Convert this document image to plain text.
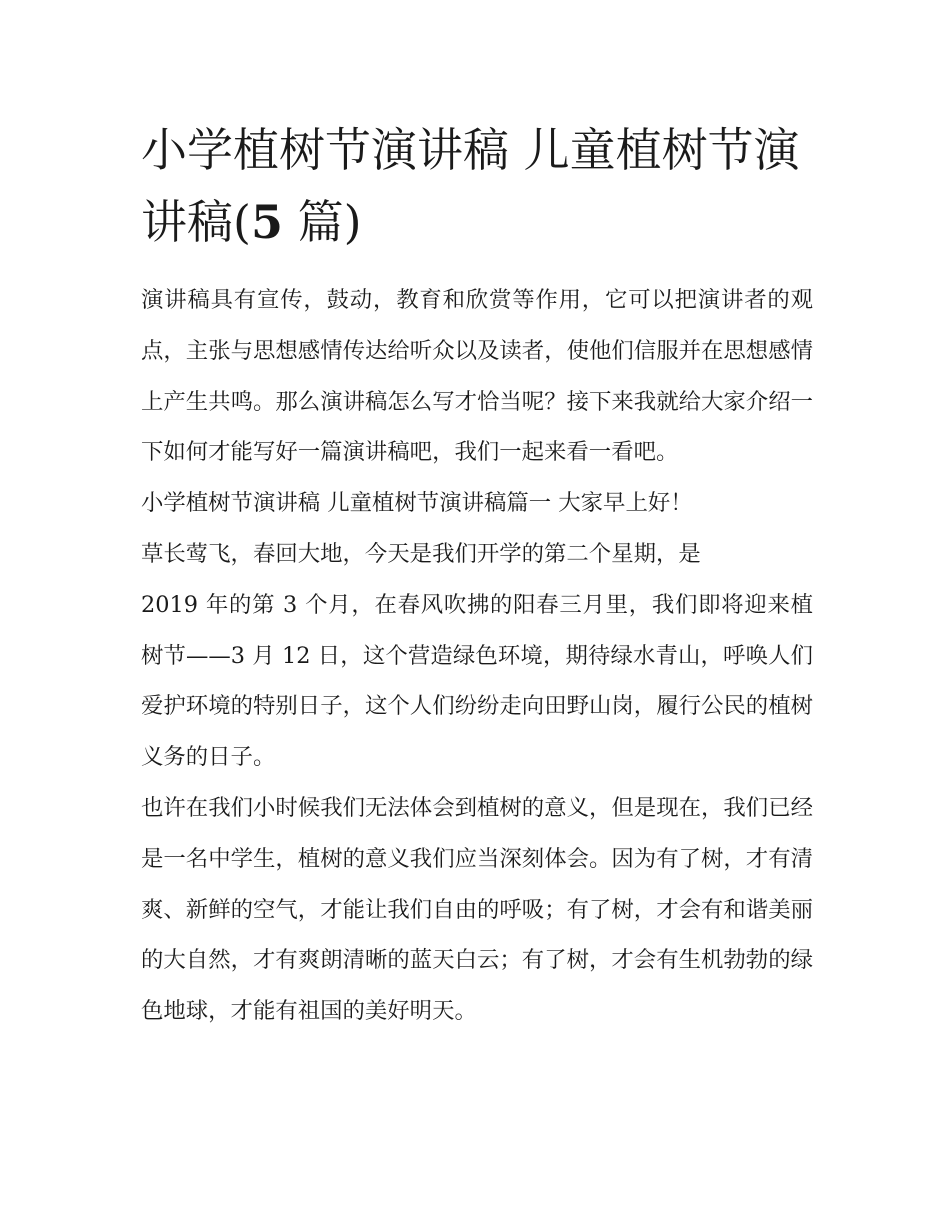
小学植树节演讲稿 儿童植树节演讲稿(5 篇)

演讲稿具有宣传，鼓动，教育和欣赏等作用，它可以把演讲者的观点，主张与思想感情传达给听众以及读者，使他们信服并在思想感情上产生共鸣。那么演讲稿怎么写才恰当呢？接下来我就给大家介绍一下如何才能写好一篇演讲稿吧，我们一起来看一看吧。

小学植树节演讲稿 儿童植树节演讲稿篇一 大家早上好！

草长莺飞，春回大地，今天是我们开学的第二个星期，是

2019 年的第 3 个月，在春风吹拂的阳春三月里，我们即将迎来植树节——3 月 12 日，这个营造绿色环境，期待绿水青山，呼唤人们爱护环境的特别日子，这个人们纷纷走向田野山岗，履行公民的植树义务的日子。

也许在我们小时候我们无法体会到植树的意义，但是现在，我们已经是一名中学生，植树的意义我们应当深刻体会。因为有了树，才有清爽、新鲜的空气，才能让我们自由的呼吸；有了树，才会有和谐美丽的大自然，才有爽朗清晰的蓝天白云；有了树，才会有生机勃勃的绿色地球，才能有祖国的美好明天。
